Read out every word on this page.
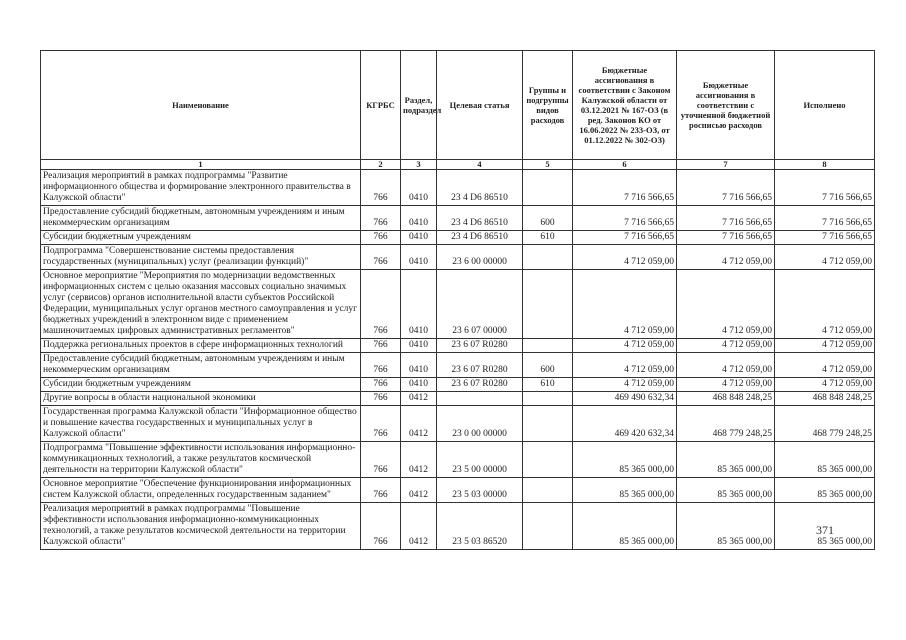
Наименование	КГРБС	Раздел, подраздел	Целевая статья	Группы и подгруппы видов расходов	Бюджетные ассигнования в соответствии с Законом Калужской области от 03.12.2021 № 167-ОЗ (в ред. Законов КО от 16.06.2022 № 233-ОЗ, от 01.12.2022 № 302-ОЗ)	Бюджетные ассигнования в соответствии с уточненной бюджетной росписью расходов	Исполнено
1	2	3	4	5	6	7	8
Реализация мероприятий в рамках подпрограммы "Развитие информационного общества и формирование электронного правительства в Калужской области"	766	0410	23 4 D6 86510		7 716 566,65	7 716 566,65	7 716 566,65
Предоставление субсидий бюджетным, автономным учреждениям и иным некоммерческим организациям	766	0410	23 4 D6 86510	600	7 716 566,65	7 716 566,65	7 716 566,65
Субсидии бюджетным учреждениям	766	0410	23 4 D6 86510	610	7 716 566,65	7 716 566,65	7 716 566,65
Подпрограмма "Совершенствование системы предоставления государственных (муниципальных) услуг (реализации функций)"	766	0410	23 6 00 00000		4 712 059,00	4 712 059,00	4 712 059,00
Основное мероприятие "Мероприятия по модернизации ведомственных информационных систем с целью оказания массовых социально значимых услуг (сервисов) органов исполнительной власти субъектов Российской Федерации, муниципальных услуг органов местного самоуправления и услуг бюджетных учреждений в электронном виде с применением машиночитаемых цифровых административных регламентов"	766	0410	23 6 07 00000		4 712 059,00	4 712 059,00	4 712 059,00
Поддержка региональных проектов в сфере информационных технологий	766	0410	23 6 07 R0280		4 712 059,00	4 712 059,00	4 712 059,00
Предоставление субсидий бюджетным, автономным учреждениям и иным некоммерческим организациям	766	0410	23 6 07 R0280	600	4 712 059,00	4 712 059,00	4 712 059,00
Субсидии бюджетным учреждениям	766	0410	23 6 07 R0280	610	4 712 059,00	4 712 059,00	4 712 059,00
Другие вопросы в области национальной экономики	766	0412			469 490 632,34	468 848 248,25	468 848 248,25
Государственная программа Калужской области "Информационное общество и повышение качества государственных и муниципальных услуг в Калужской области"	766	0412	23 0 00 00000		469 420 632,34	468 779 248,25	468 779 248,25
Подпрограмма "Повышение эффективности использования информационно-коммуникационных технологий, а также результатов космической деятельности на территории Калужской области"	766	0412	23 5 00 00000		85 365 000,00	85 365 000,00	85 365 000,00
Основное мероприятие "Обеспечение функционирования информационных систем Калужской области, определенных государственным заданием"	766	0412	23 5 03 00000		85 365 000,00	85 365 000,00	85 365 000,00
Реализация мероприятий в рамках подпрограммы "Повышение эффективности использования информационно-коммуникационных технологий, а также результатов космической деятельности на территории Калужской области"	766	0412	23 5 03 86520		85 365 000,00	85 365 000,00	85 365 000,00
371
